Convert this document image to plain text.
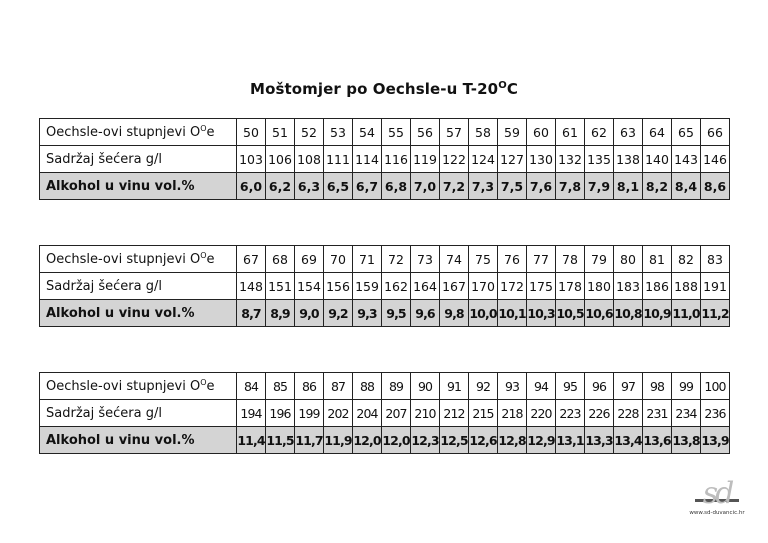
Moštomjer po Oechsle-u $T-20^OC$
Oechsle-ovi stupnjevi $O^Oe$	50	51	52	53	54	55	56	57	58	59	60	61	62	63	64	65	66
Sadržaj šećera g/l	103	106	108	111	114	116	119	122	124	127	130	132	135	138	140	143	146
Alkohol u vinu vol.%	6,0	6,2	6,3	6,5	6,7	6,8	7,0	7,2	7,3	7,5	7,6	7,8	7,9	8,1	8,2	8,4	8,6
Oechsle-ovi stupnjevi $O^Oe$	67	68	69	70	71	72	73	74	75	76	77	78	79	80	81	82	83
Sadržaj šećera g/l	148	151	154	156	159	162	164	167	170	172	175	178	180	183	186	188	191
Alkohol u vinu vol.%	8,7	8,9	9,0	9,2	9,3	9,5	9,6	9,8	10,0	10,1	10,3	10,5	10,6	10,8	10,9	11,0	11,2
Oechsle-ovi stupnjevi $O^Oe$	84	85	86	87	88	89	90	91	92	93	94	95	96	97	98	99	100
Sadržaj šećera g/l	194	196	199	202	204	207	210	212	215	218	220	223	226	228	231	234	236
Alkohol u vinu vol.%	11,4	11,5	11,7	11,9	12,0	12,0	12,3	12,5	12,6	12,8	12,9	13,1	13,3	13,4	13,6	13,8	13,9
sd
www.sd-duvancic.hr
